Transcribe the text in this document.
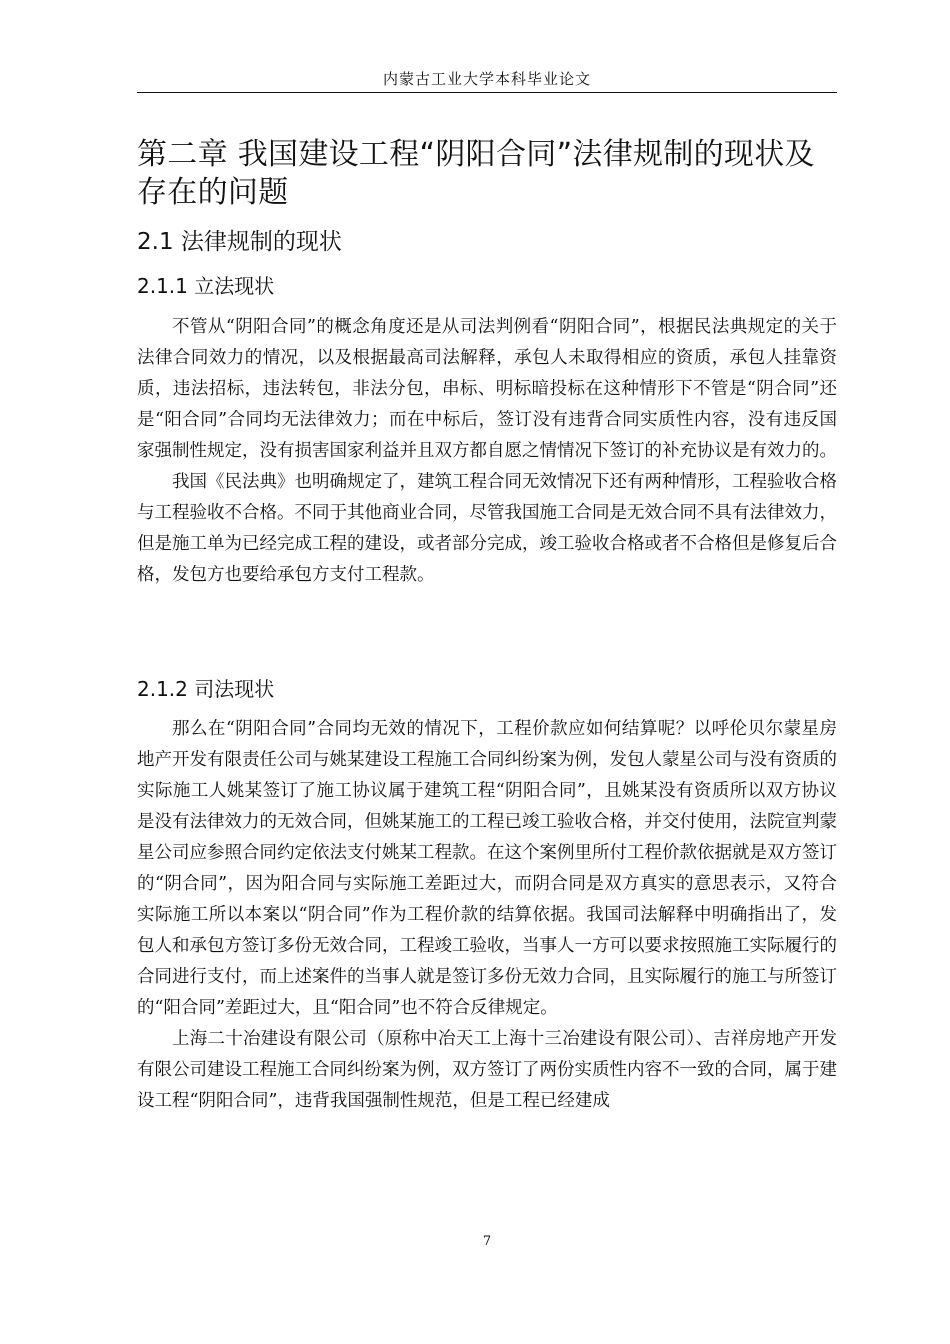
内蒙古工业大学本科毕业论文
第二章 我国建设工程“阴阳合同”法律规制的现状及存在的问题
2.1 法律规制的现状
2.1.1 立法现状

不管从“阴阳合同”的概念角度还是从司法判例看“阴阳合同”，根据民法典规定的关于法律合同效力的情况，以及根据最高司法解释，承包人未取得相应的资质，承包人挂靠资质，违法招标，违法转包，非法分包，串标、明标暗投标在这种情形下不管是“阴合同”还是“阳合同”合同均无法律效力；而在中标后，签订没有违背合同实质性内容，没有违反国家强制性规定，没有损害国家利益并且双方都自愿之情情况下签订的补充协议是有效力的。

我国《民法典》也明确规定了，建筑工程合同无效情况下还有两种情形，工程验收合格与工程验收不合格。不同于其他商业合同，尽管我国施工合同是无效合同不具有法律效力，但是施工单为已经完成工程的建设，或者部分完成，竣工验收合格或者不合格但是修复后合格，发包方也要给承包方支付工程款。

2.1.2 司法现状

那么在“阴阳合同”合同均无效的情况下，工程价款应如何结算呢？以呼伦贝尔蒙星房地产开发有限责任公司与姚某建设工程施工合同纠纷案为例，发包人蒙星公司与没有资质的实际施工人姚某签订了施工协议属于建筑工程“阴阳合同”，且姚某没有资质所以双方协议是没有法律效力的无效合同，但姚某施工的工程已竣工验收合格，并交付使用，法院宣判蒙星公司应参照合同约定依法支付姚某工程款。在这个案例里所付工程价款依据就是双方签订的“阴合同”，因为阳合同与实际施工差距过大，而阴合同是双方真实的意思表示，又符合实际施工所以本案以“阴合同”作为工程价款的结算依据。我国司法解释中明确指出了，发包人和承包方签订多份无效合同，工程竣工验收，当事人一方可以要求按照施工实际履行的合同进行支付，而上述案件的当事人就是签订多份无效力合同，且实际履行的施工与所签订的“阳合同”差距过大，且“阳合同”也不符合反律规定。

上海二十冶建设有限公司（原称中冶天工上海十三冶建设有限公司）、吉祥房地产开发有限公司建设工程施工合同纠纷案为例，双方签订了两份实质性内容不一致的合同，属于建设工程“阴阳合同”，违背我国强制性规范，但是工程已经建成

7
